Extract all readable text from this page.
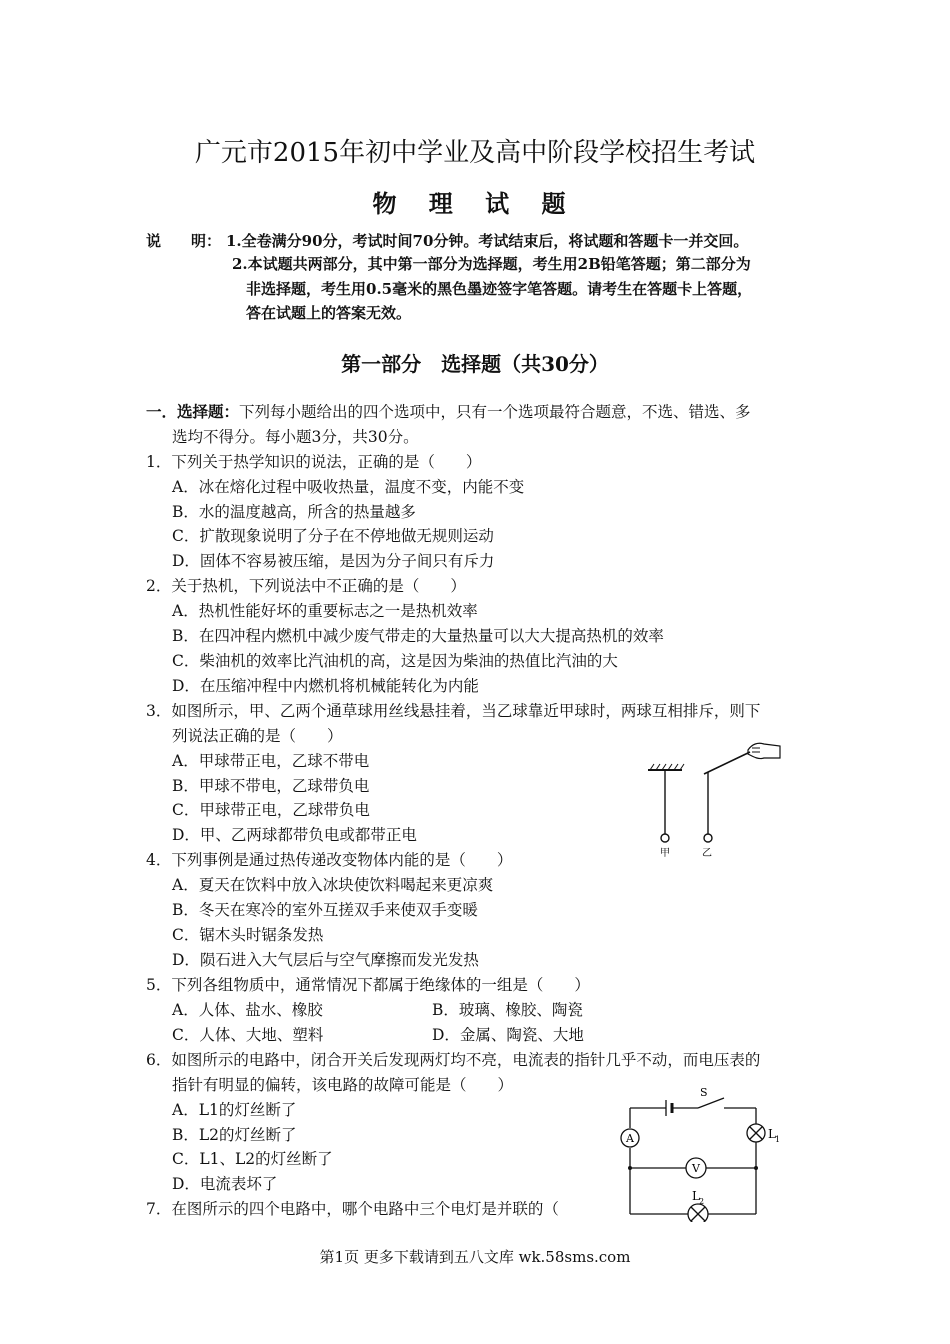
广元市2015年初中学业及高中阶段学校招生考试
物 理 试 题
说　　明： 1.全卷满分90分，考试时间70分钟。考试结束后，将试题和答题卡一并交回。
2.本试题共两部分，其中第一部分为选择题，考生用2B铅笔答题；第二部分为
非选择题，考生用0.5毫米的黑色墨迹签字笔答题。请考生在答题卡上答题，
答在试题上的答案无效。
第一部分　选择题（共30分）
一．选择题：下列每小题给出的四个选项中，只有一个选项最符合题意，不选、错选、多
选均不得分。每小题3分，共30分。
1．下列关于热学知识的说法，正确的是（　　）
A．冰在熔化过程中吸收热量，温度不变，内能不变
B．水的温度越高，所含的热量越多
C．扩散现象说明了分子在不停地做无规则运动
D．固体不容易被压缩，是因为分子间只有斥力
2．关于热机，下列说法中不正确的是（　　）
A．热机性能好坏的重要标志之一是热机效率
B．在四冲程内燃机中减少废气带走的大量热量可以大大提高热机的效率
C．柴油机的效率比汽油机的高，这是因为柴油的热值比汽油的大
D．在压缩冲程中内燃机将机械能转化为内能
3．如图所示，甲、乙两个通草球用丝线悬挂着，当乙球靠近甲球时，两球互相排斥，则下
列说法正确的是（　　）
A．甲球带正电，乙球不带电
B．甲球不带电，乙球带负电
C．甲球带正电，乙球带负电
D．甲、乙两球都带负电或都带正电
甲	乙
4．下列事例是通过热传递改变物体内能的是（　　）
A．夏天在饮料中放入冰块使饮料喝起来更凉爽
B．冬天在寒冷的室外互搓双手来使双手变暖
C．锯木头时锯条发热
D．陨石进入大气层后与空气摩擦而发光发热
5．下列各组物质中，通常情况下都属于绝缘体的一组是（　　）
A．人体、盐水、橡胶	B．玻璃、橡胶、陶瓷
C．人体、大地、塑料	D．金属、陶瓷、大地
6．如图所示的电路中，闭合开关后发现两灯均不亮，电流表的指针几乎不动，而电压表的
指针有明显的偏转，该电路的故障可能是（　　）
A．L1的灯丝断了
B．L2的灯丝断了
C．L1、L2的灯丝断了
D．电流表坏了
S
A
V
L 1
L 2
7．在图所示的四个电路中，哪个电路中三个电灯是并联的（
第1页 更多下载请到五八文库 wk.58sms.com
